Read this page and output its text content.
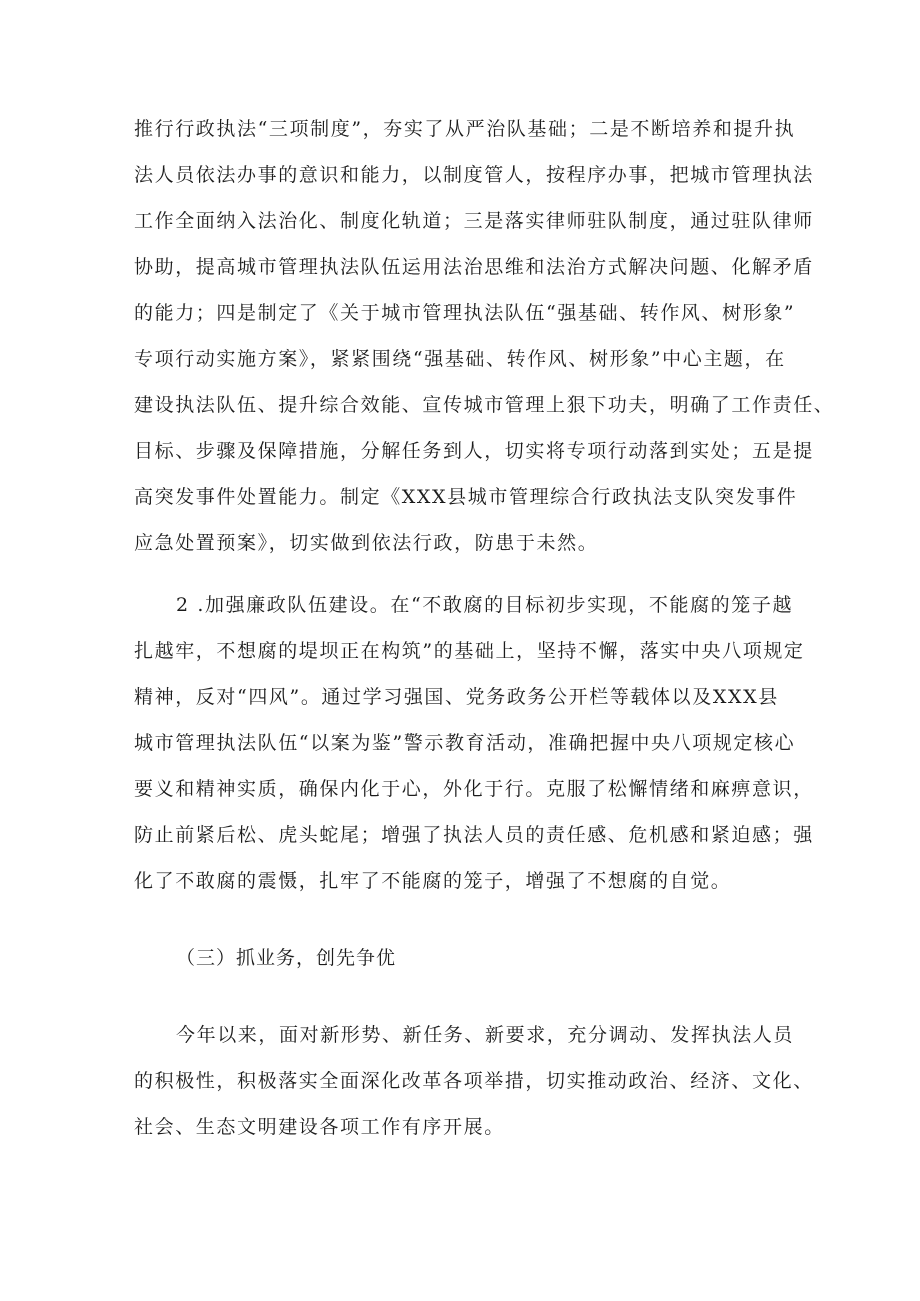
推行行政执法“三项制度”，夯实了从严治队基础；二是不断培养和提升执

法人员依法办事的意识和能力，以制度管人，按程序办事，把城市管理执法

工作全面纳入法治化、制度化轨道；三是落实律师驻队制度，通过驻队律师

协助，提高城市管理执法队伍运用法治思维和法治方式解决问题、化解矛盾

的能力；四是制定了《关于城市管理执法队伍“强基础、转作风、树形象”

专项行动实施方案》，紧紧围绕“强基础、转作风、树形象”中心主题，在

建设执法队伍、提升综合效能、宣传城市管理上狠下功夫，明确了工作责任、

目标、步骤及保障措施，分解任务到人，切实将专项行动落到实处；五是提

高突发事件处置能力。制定《XXX县城市管理综合行政执法支队突发事件

应急处置预案》，切实做到依法行政，防患于未然。

2 .加强廉政队伍建设。在“不敢腐的目标初步实现，不能腐的笼子越

扎越牢，不想腐的堤坝正在构筑”的基础上，坚持不懈，落实中央八项规定

精神，反对“四风”。通过学习强国、党务政务公开栏等载体以及XXX县

城市管理执法队伍“以案为鉴”警示教育活动，准确把握中央八项规定核心

要义和精神实质，确保内化于心，外化于行。克服了松懈情绪和麻痹意识，

防止前紧后松、虎头蛇尾；增强了执法人员的责任感、危机感和紧迫感；强

化了不敢腐的震慑，扎牢了不能腐的笼子，增强了不想腐的自觉。

（三）抓业务，创先争优

今年以来，面对新形势、新任务、新要求，充分调动、发挥执法人员

的积极性，积极落实全面深化改革各项举措，切实推动政治、经济、文化、

社会、生态文明建设各项工作有序开展。
